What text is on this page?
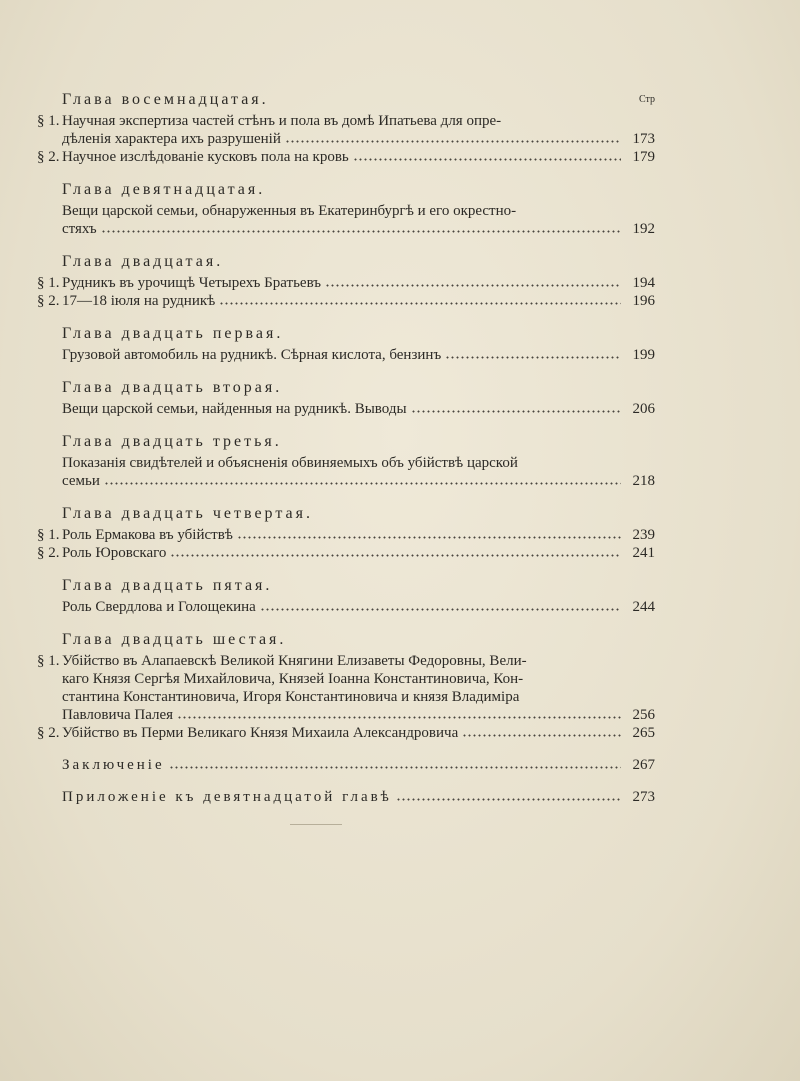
Глава восемнадцатая.	Стр
§ 1. Научная экспертиза частей стѣнъ и пола въ домѣ Ипатьева для опре-
дѣленія характера ихъ разрушеній	173
§ 2. Научное изслѣдованіе кусковъ пола на кровь	179
Глава девятнадцатая.
Вещи царской семьи, обнаруженныя въ Екатеринбургѣ и его окрестно-
стяхъ	192
Глава двадцатая.
§ 1. Рудникъ въ урочищѣ Четырехъ Братьевъ	194
§ 2. 17—18 іюля на рудникѣ	196
Глава двадцать первая.
Грузовой автомобиль на рудникѣ. Сѣрная кислота, бензинъ	199
Глава двадцать вторая.
Вещи царской семьи, найденныя на рудникѣ. Выводы	206
Глава двадцать третья.
Показанія свидѣтелей и объясненія обвиняемыхъ объ убійствѣ царской
семьи	218
Глава двадцать четвертая.
§ 1. Роль Ермакова въ убійствѣ	239
§ 2. Роль Юровскаго	241
Глава двадцать пятая.
Роль Свердлова и Голощекина	244
Глава двадцать шестая.
§ 1. Убійство въ Алапаевскѣ Великой Княгини Елизаветы Федоровны, Вели-
каго Князя Сергѣя Михайловича, Князей Іоанна Константиновича, Кон-
стантина Константиновича, Игоря Константиновича и князя Владиміра
Павловича Палея	256
§ 2. Убійство въ Перми Великаго Князя Михаила Александровича	265
Заключеніе	267
Приложеніе къ девятнадцатой главѣ	273
